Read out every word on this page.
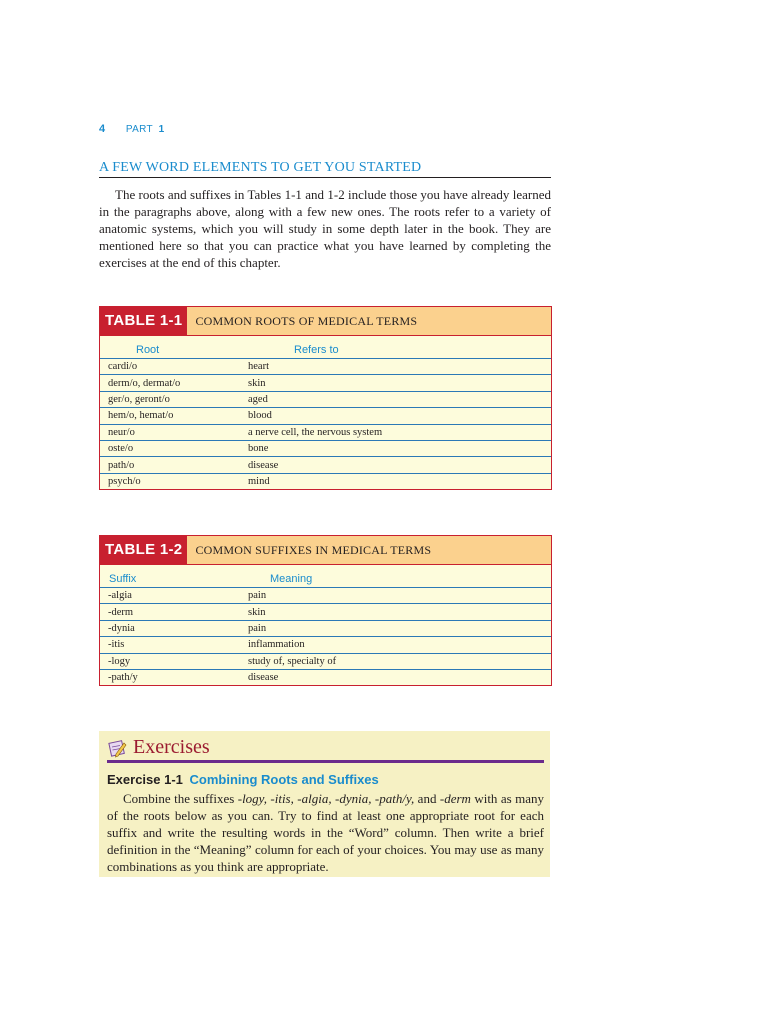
4 PART 1
A FEW WORD ELEMENTS TO GET YOU STARTED

The roots and suffixes in Tables 1-1 and 1-2 include those you have already learned in the paragraphs above, along with a few new ones. The roots refer to a variety of anatomic systems, which you will study in some depth later in the book. They are mentioned here so that you can practice what you have learned by completing the exercises at the end of this chapter.

TABLE 1-1	COMMON ROOTS OF MEDICAL TERMS
Root	Refers to
cardi/o	heart
derm/o, dermat/o	skin
ger/o, geront/o	aged
hem/o, hemat/o	blood
neur/o	a nerve cell, the nervous system
oste/o	bone
path/o	disease
psych/o	mind
TABLE 1-2	COMMON SUFFIXES IN MEDICAL TERMS
Suffix	Meaning
-algia	pain
-derm	skin
-dynia	pain
-itis	inflammation
-logy	study of, specialty of
-path/y	disease
Exercises
Exercise 1-1 Combining Roots and Suffixes

Combine the suffixes -logy, -itis, -algia, -dynia, -path/y, and -derm with as many of the roots below as you can. Try to find at least one appropriate root for each suffix and write the resulting words in the “Word” column. Then write a brief definition in the “Meaning” column for each of your choices. You may use as many combinations as you think are appropriate.
